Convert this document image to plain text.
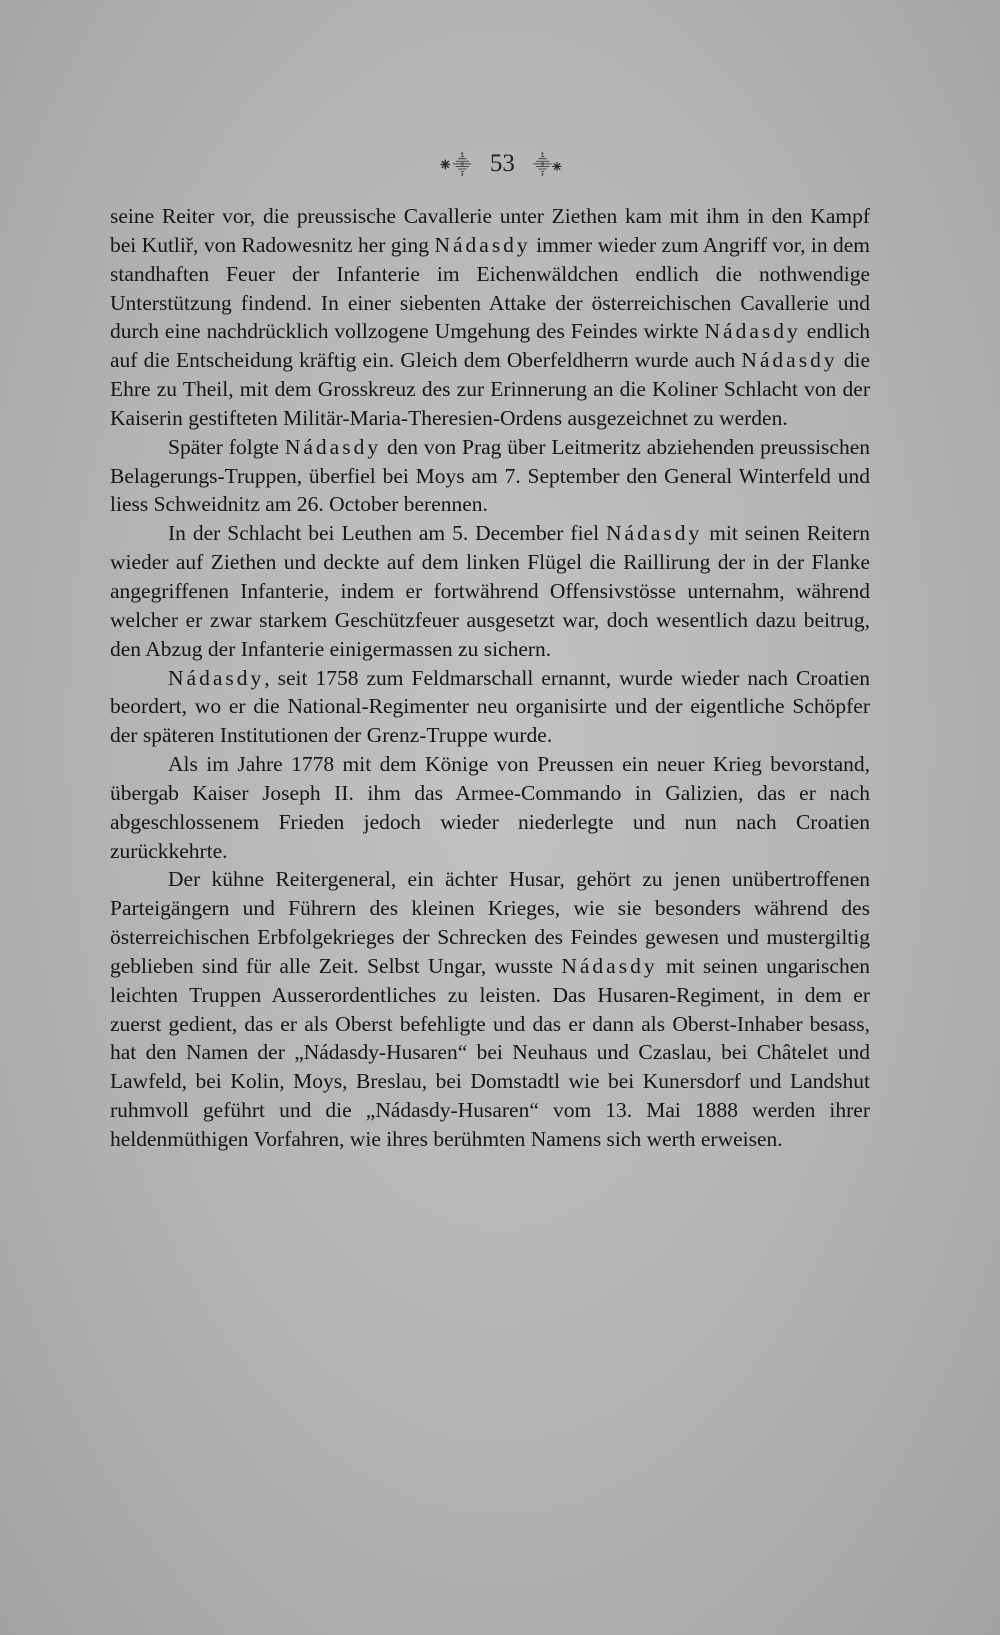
⁕⸎ 53 ⸎⁕

seine Reiter vor, die preussische Cavallerie unter Ziethen kam mit ihm in den Kampf bei Kutliř, von Radowesnitz her ging Nádasdy immer wieder zum Angriff vor, in dem standhaften Feuer der Infanterie im Eichenwäldchen endlich die nothwendige Unterstützung findend. In einer siebenten Attake der österreichischen Cavallerie und durch eine nachdrücklich vollzogene Umgehung des Feindes wirkte Nádasdy endlich auf die Entscheidung kräftig ein. Gleich dem Oberfeldherrn wurde auch Nádasdy die Ehre zu Theil, mit dem Grosskreuz des zur Erinnerung an die Koliner Schlacht von der Kaiserin gestifteten Militär-Maria-Theresien-Ordens ausgezeichnet zu werden.

Später folgte Nádasdy den von Prag über Leitmeritz abziehenden preussischen Belagerungs-Truppen, überfiel bei Moys am 7. September den General Winterfeld und liess Schweidnitz am 26. October berennen.

In der Schlacht bei Leuthen am 5. December fiel Nádasdy mit seinen Reitern wieder auf Ziethen und deckte auf dem linken Flügel die Raillirung der in der Flanke angegriffenen Infanterie, indem er fortwährend Offensivstösse unternahm, während welcher er zwar starkem Geschützfeuer ausgesetzt war, doch wesentlich dazu beitrug, den Abzug der Infanterie einigermassen zu sichern.

Nádasdy, seit 1758 zum Feldmarschall ernannt, wurde wieder nach Croatien beordert, wo er die National-Regimenter neu organisirte und der eigentliche Schöpfer der späteren Institutionen der Grenz-Truppe wurde.

Als im Jahre 1778 mit dem Könige von Preussen ein neuer Krieg bevorstand, übergab Kaiser Joseph II. ihm das Armee-Commando in Galizien, das er nach abgeschlossenem Frieden jedoch wieder niederlegte und nun nach Croatien zurückkehrte.

Der kühne Reitergeneral, ein ächter Husar, gehört zu jenen unübertroffenen Parteigängern und Führern des kleinen Krieges, wie sie besonders während des österreichischen Erbfolgekrieges der Schrecken des Feindes gewesen und mustergiltig geblieben sind für alle Zeit. Selbst Ungar, wusste Nádasdy mit seinen ungarischen leichten Truppen Ausserordentliches zu leisten. Das Husaren-Regiment, in dem er zuerst gedient, das er als Oberst befehligte und das er dann als Oberst-Inhaber besass, hat den Namen der „Nádasdy-Husaren“ bei Neuhaus und Czaslau, bei Châtelet und Lawfeld, bei Kolin, Moys, Breslau, bei Domstadtl wie bei Kunersdorf und Landshut ruhmvoll geführt und die „Nádasdy-Husaren“ vom 13. Mai 1888 werden ihrer heldenmüthigen Vorfahren, wie ihres berühmten Namens sich werth erweisen.
